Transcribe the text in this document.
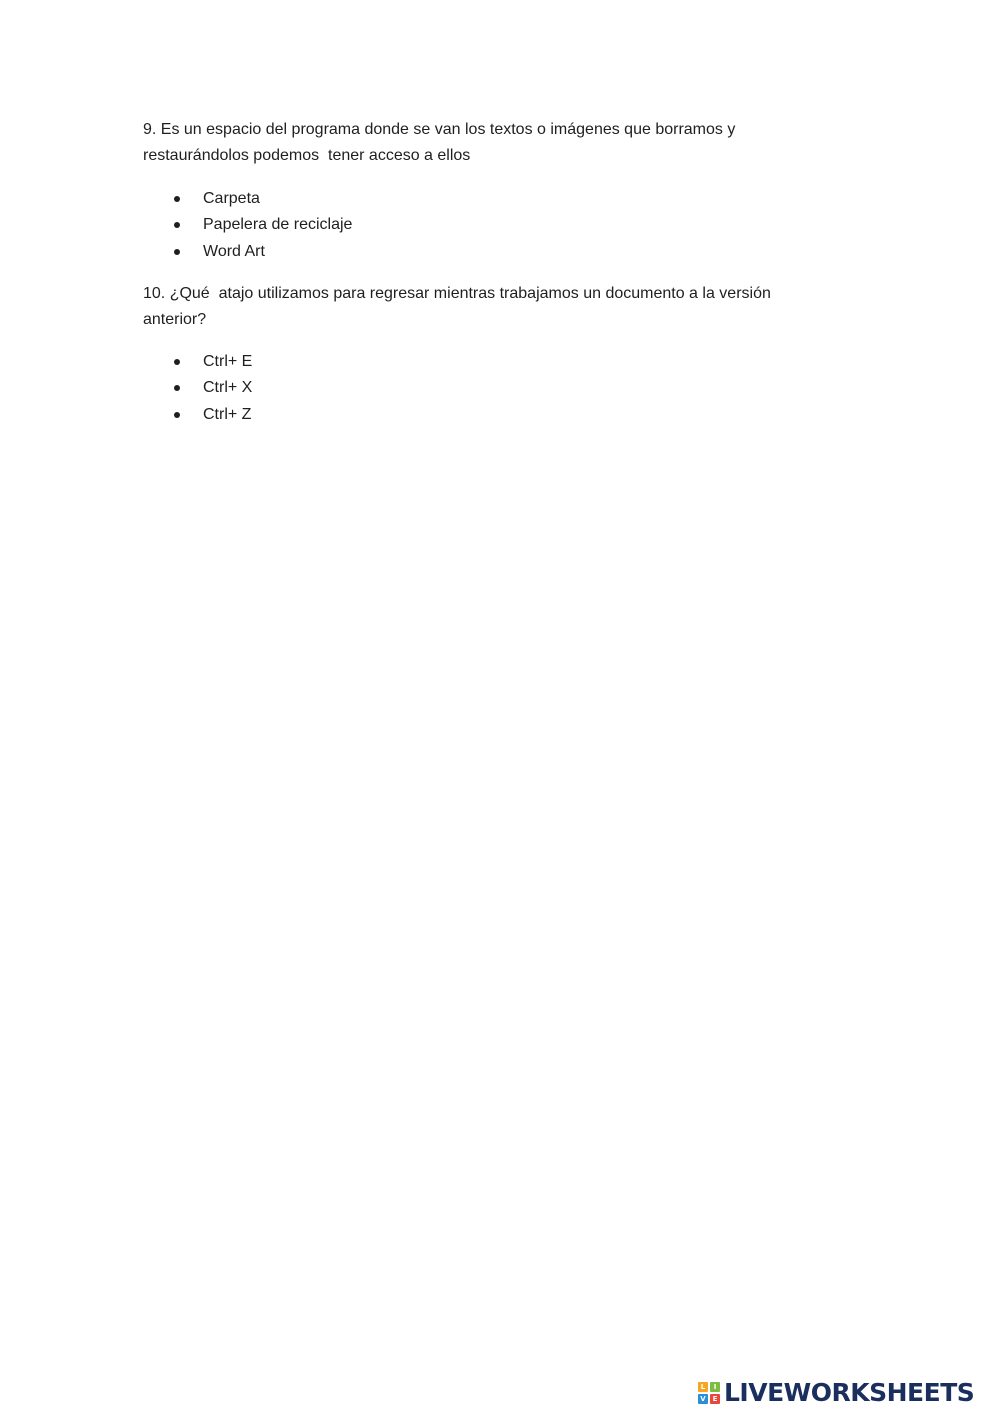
9. Es un espacio del programa donde se van los textos o imágenes que borramos y restaurándolos podemos  tener acceso a ellos

Carpeta
Papelera de reciclaje
Word Art

10. ¿Qué  atajo utilizamos para regresar mientras trabajamos un documento a la versión anterior?

Ctrl+ E
Ctrl+ X
Ctrl+ Z
L	I
V E LIVEWORKSHEETS
